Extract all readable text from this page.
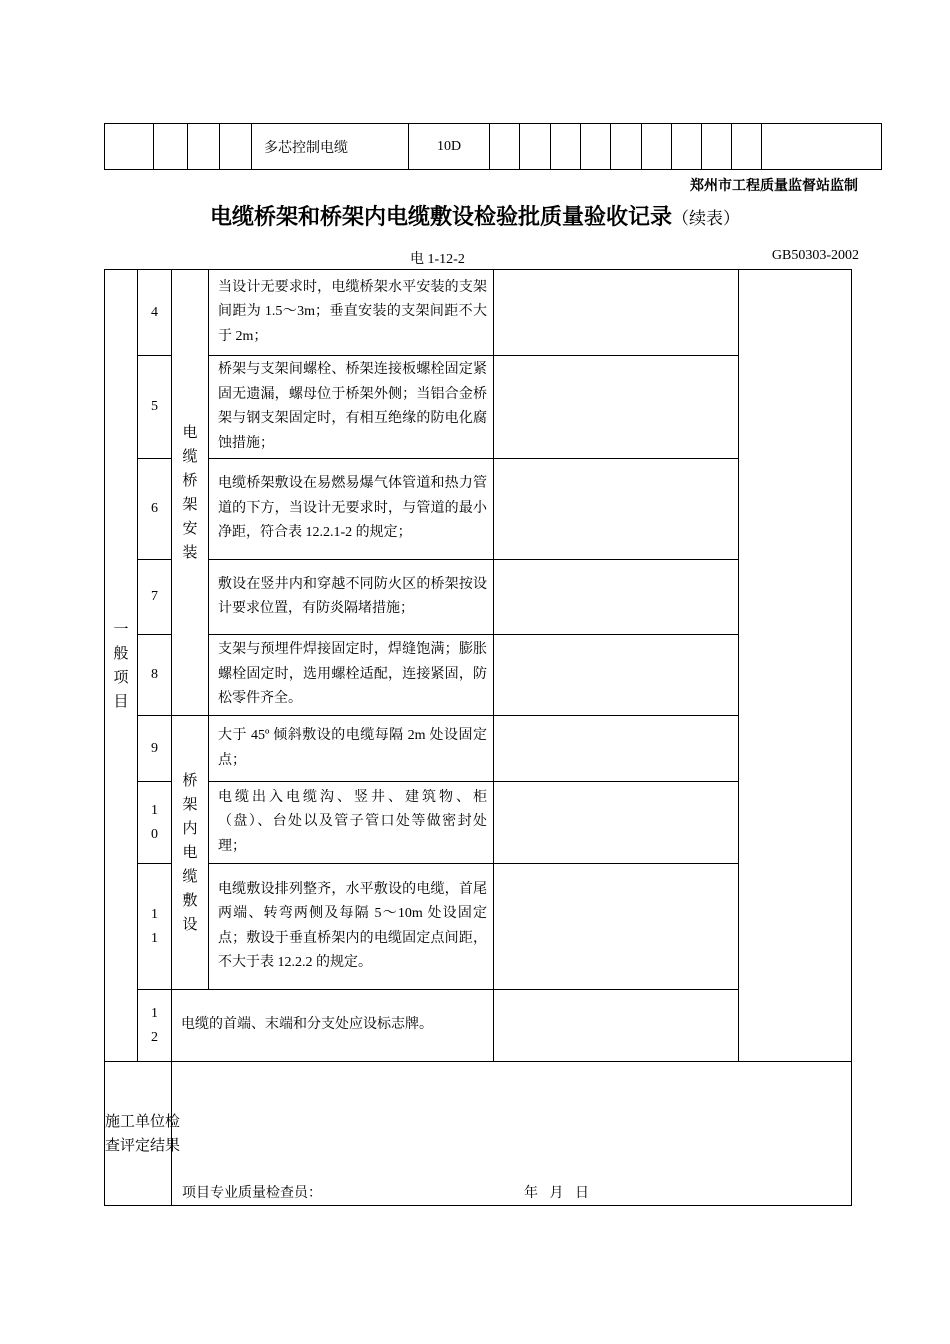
				多芯控制电缆	10D										
郑州市工程质量监督站监制
电缆桥架和桥架内电缆敷设检验批质量验收记录（续表）
电 1-12-2	GB50303-2002
一般项目	4	电缆桥架安装	当设计无要求时，电缆桥架水平安装的支架间距为 1.5～3m；垂直安装的支架间距不大于 2m；		
	5		桥架与支架间螺栓、桥架连接板螺栓固定紧固无遗漏，螺母位于桥架外侧；当铝合金桥架与钢支架固定时，有相互绝缘的防电化腐蚀措施；		
	6		电缆桥架敷设在易燃易爆气体管道和热力管道的下方，当设计无要求时，与管道的最小净距，符合表 12.2.1-2 的规定；		
	7		敷设在竖井内和穿越不同防火区的桥架按设计要求位置，有防炎隔堵措施；		
	8		支架与预埋件焊接固定时，焊缝饱满；膨胀螺栓固定时，选用螺栓适配，连接紧固，防松零件齐全。		
	9	桥架内电缆敷设	大于 45º 倾斜敷设的电缆每隔 2m 处设固定点；		

	10		电缆出入电缆沟、竖井、建筑物、柜（盘）、台处以及管子管口处等做密封处理；		

	11		电缆敷设排列整齐，水平敷设的电缆，首尾两端、转弯两侧及每隔 5～10m 处设固定点；敷设于垂直桥架内的电缆固定点间距，不大于表 12.2.2 的规定。		

	12	电缆的首端、末端和分支处应设标志牌。			

施工单位检查评定结果		项目专业质量检查员： 年 月 日			
